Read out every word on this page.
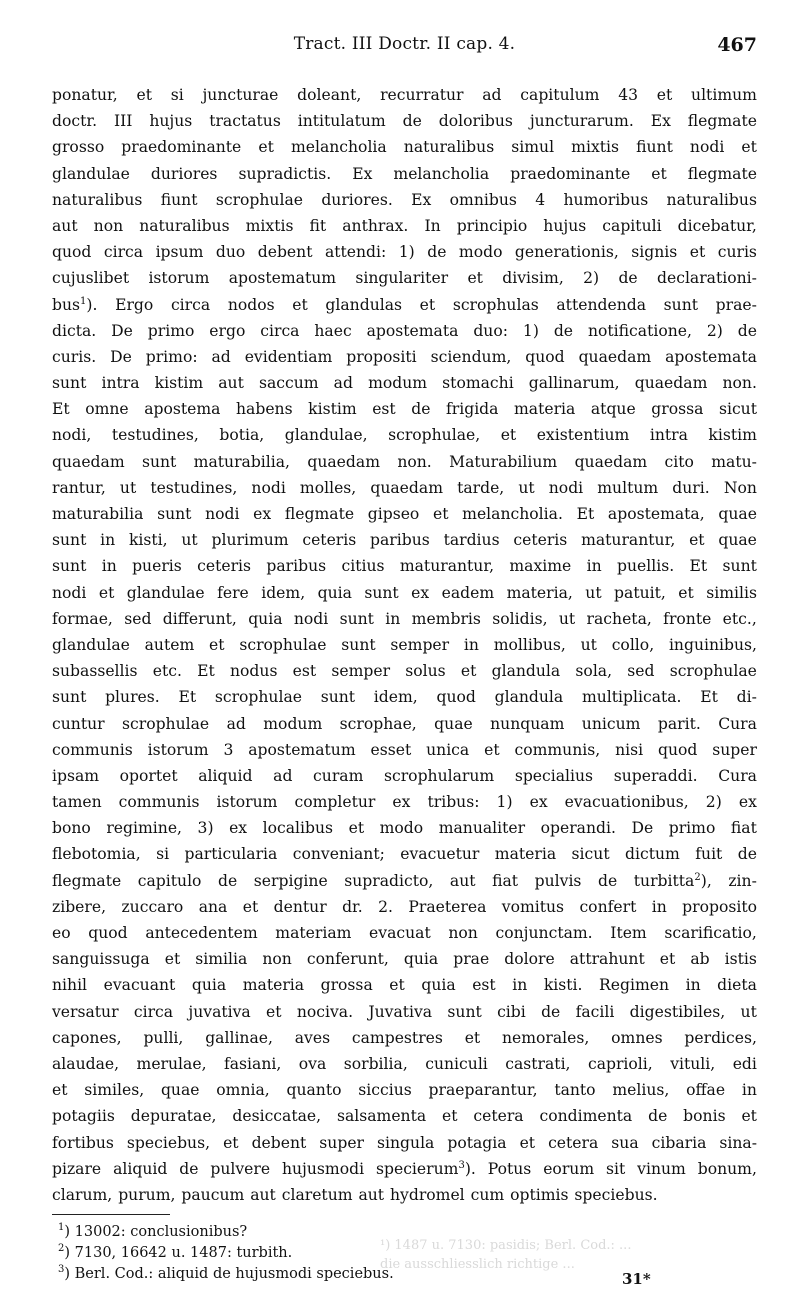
Tract. III Doctr. II cap. 4.	467
ponatur, et si juncturae doleant, recurratur ad capitulum 43 et ultimum
doctr. III hujus tractatus intitulatum de doloribus juncturarum. Ex flegmate
grosso praedominante et melancholia naturalibus simul mixtis fiunt nodi et
glandulae duriores supradictis. Ex melancholia praedominante et flegmate
naturalibus fiunt scrophulae duriores. Ex omnibus 4 humoribus naturalibus
aut non naturalibus mixtis fit anthrax. In principio hujus capituli dicebatur,
quod circa ipsum duo debent attendi: 1) de modo generationis, signis et curis
cujuslibet istorum apostematum singulariter et divisim, 2) de declarationi-
bus$^1$). Ergo circa nodos et glandulas et scrophulas attendenda sunt prae-
dicta. De primo ergo circa haec apostemata duo: 1) de notificatione, 2) de
curis. De primo: ad evidentiam propositi sciendum, quod quaedam apostemata
sunt intra kistim aut saccum ad modum stomachi gallinarum, quaedam non.
Et omne apostema habens kistim est de frigida materia atque grossa sicut
nodi, testudines, botia, glandulae, scrophulae, et existentium intra kistim
quaedam sunt maturabilia, quaedam non. Maturabilium quaedam cito matu-
rantur, ut testudines, nodi molles, quaedam tarde, ut nodi multum duri. Non
maturabilia sunt nodi ex flegmate gipseo et melancholia. Et apostemata, quae
sunt in kisti, ut plurimum ceteris paribus tardius ceteris maturantur, et quae
sunt in pueris ceteris paribus citius maturantur, maxime in puellis. Et sunt
nodi et glandulae fere idem, quia sunt ex eadem materia, ut patuit, et similis
formae, sed differunt, quia nodi sunt in membris solidis, ut racheta, fronte etc.,
glandulae autem et scrophulae sunt semper in mollibus, ut collo, inguinibus,
subassellis etc. Et nodus est semper solus et glandula sola, sed scrophulae
sunt plures. Et scrophulae sunt idem, quod glandula multiplicata. Et di-
cuntur scrophulae ad modum scrophae, quae nunquam unicum parit. Cura
communis istorum 3 apostematum esset unica et communis, nisi quod super
ipsam oportet aliquid ad curam scrophularum specialius superaddi. Cura
tamen communis istorum completur ex tribus: 1) ex evacuationibus, 2) ex
bono regimine, 3) ex localibus et modo manualiter operandi. De primo fiat
flebotomia, si particularia conveniant; evacuetur materia sicut dictum fuit de
flegmate capitulo de serpigine supradicto, aut fiat pulvis de turbitta$^2$), zin-
zibere, zuccaro ana et dentur dr. 2. Praeterea vomitus confert in proposito
eo quod antecedentem materiam evacuat non conjunctam. Item scarificatio,
sanguissuga et similia non conferunt, quia prae dolore attrahunt et ab istis
nihil evacuant quia materia grossa et quia est in kisti. Regimen in dieta
versatur circa juvativa et nociva. Juvativa sunt cibi de facili digestibiles, ut
capones, pulli, gallinae, aves campestres et nemorales, omnes perdices,
alaudae, merulae, fasiani, ova sorbilia, cuniculi castrati, caprioli, vituli, edi
et similes, quae omnia, quanto siccius praeparantur, tanto melius, offae in
potagiis depuratae, desiccatae, salsamenta et cetera condimenta de bonis et
fortibus speciebus, et debent super singula potagia et cetera sua cibaria sina-
pizare aliquid de pulvere hujusmodi specierum$^3$). Potus eorum sit vinum bonum,
clarum, purum, paucum aut claretum aut hydromel cum optimis speciebus.
¹) 1487 u. 7130: pasidis; Berl. Cod.: ...
die ausschliesslich richtige ...
$^1$) 13002: conclusionibus?
$^2$) 7130, 16642 u. 1487: turbith.
$^3$) Berl. Cod.: aliquid de hujusmodi speciebus.	31*
